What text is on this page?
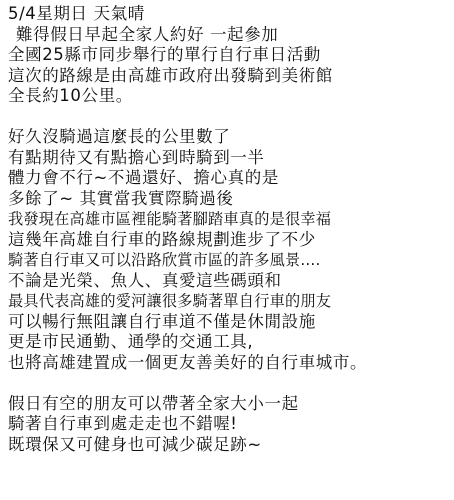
5/4星期日 天氣晴
難得假日早起全家人約好 一起參加
全國25縣市同步舉行的單行自行車日活動
這次的路線是由高雄市政府出發騎到美術館
全長約10公里。
好久沒騎過這麼長的公里數了
有點期待又有點擔心到時騎到一半
體力會不行~不過還好、擔心真的是
多餘了~ 其實當我實際騎過後
我發現在高雄市區裡能騎著腳踏車真的是很幸福
這幾年高雄自行車的路線規劃進步了不少
騎著自行車又可以沿路欣賞市區的許多風景....
不論是光榮、魚人、真愛這些碼頭和
最具代表高雄的愛河讓很多騎著單自行車的朋友
可以暢行無阻讓自行車道不僅是休閒設施
更是市民通勤、通學的交通工具,
也將高雄建置成一個更友善美好的自行車城市。
假日有空的朋友可以帶著全家大小一起
騎著自行車到處走走也不錯喔!
既環保又可健身也可減少碳足跡~
